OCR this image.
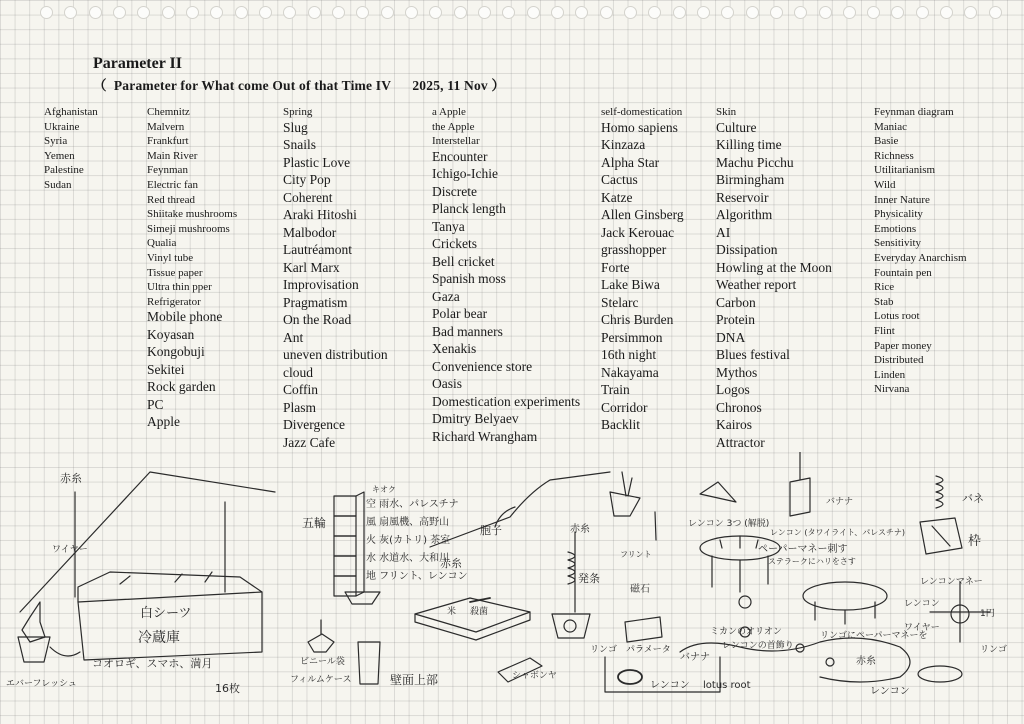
Parameter II
（  Parameter for What come Out of that Time IV      2025, 11 Nov ）
Afghanistan
Ukraine
Syria
Yemen
Palestine
Sudan
Chemnitz
Malvern
Frankfurt
Main River
Feynman
Electric fan
Red thread
Shiitake mushrooms
Simeji mushrooms
Qualia
Vinyl tube
Tissue paper
Ultra thin pper
Refrigerator
Mobile phone
Koyasan
Kongobuji
Sekitei
Rock garden
PC
Apple
Spring
Slug
Snails
Plastic Love
City Pop
Coherent
Araki Hitoshi
Malbodor
Lautréamont
Karl Marx
Improvisation
Pragmatism
On the Road
Ant
uneven distribution
cloud
Coffin
Plasm
Divergence
Jazz Cafe
a Apple
the Apple
Interstellar
Encounter
Ichigo-Ichie
Discrete
Planck length
Tanya
Crickets
Bell cricket
Spanish moss
Gaza
Polar bear
Bad manners
Xenakis
Convenience store
Oasis
Domestication experiments
Dmitry Belyaev
Richard Wrangham
self-domestication
Homo sapiens
Kinzaza
Alpha Star
Cactus
Katze
Allen Ginsberg
Jack Kerouac
grasshopper
Forte
Lake Biwa
Stelarc
Chris Burden
Persimmon
16th night
Nakayama
Train
Corridor
Backlit
Skin
Culture
Killing time
Machu Picchu
Birmingham
Reservoir
Algorithm
AI
Dissipation
Howling at the Moon
Weather report
Carbon
Protein
DNA
Blues festival
Mythos
Logos
Chronos
Kairos
Attractor
Feynman diagram
Maniac
Basie
Richness
Utilitarianism
Wild
Inner Nature
Physicality
Emotions
Sensitivity
Everyday Anarchism
Fountain pen
Rice
Stab
Lotus root
Flint
Paper money
Distributed
Linden
Nirvana
赤糸
ワイヤー
白シーツ
冷蔵庫
コオロギ、スマホ、満月
16枚
エバーフレッシュ
ビニール袋
フィルムケース
五輪
キオク
空 雨水、パレスチナ
風 扇風機、高野山
火 灰(カトリ) 茶室
水 水道水、大和川
地 フリント、レンコン
壁面上部
赤糸
米 殺菌
胞子	赤糸
発条
リンゴ
フリント
磁石
パラメータ
バナナ
シャボンヤ
レンコン lotus root
レンコン 3つ (解脱)
バナナ
レンコン (タワイライト、パレスチナ)
ペーパーマネー刺す
ステラークにハリをさす
ミカンのオリオン
レンコンの首飾り
リンゴにペーパーマネーを
赤糸
レンコン
バネ
枠
レンコンマネー
レンコン
ワイヤー
1円
リンゴ
